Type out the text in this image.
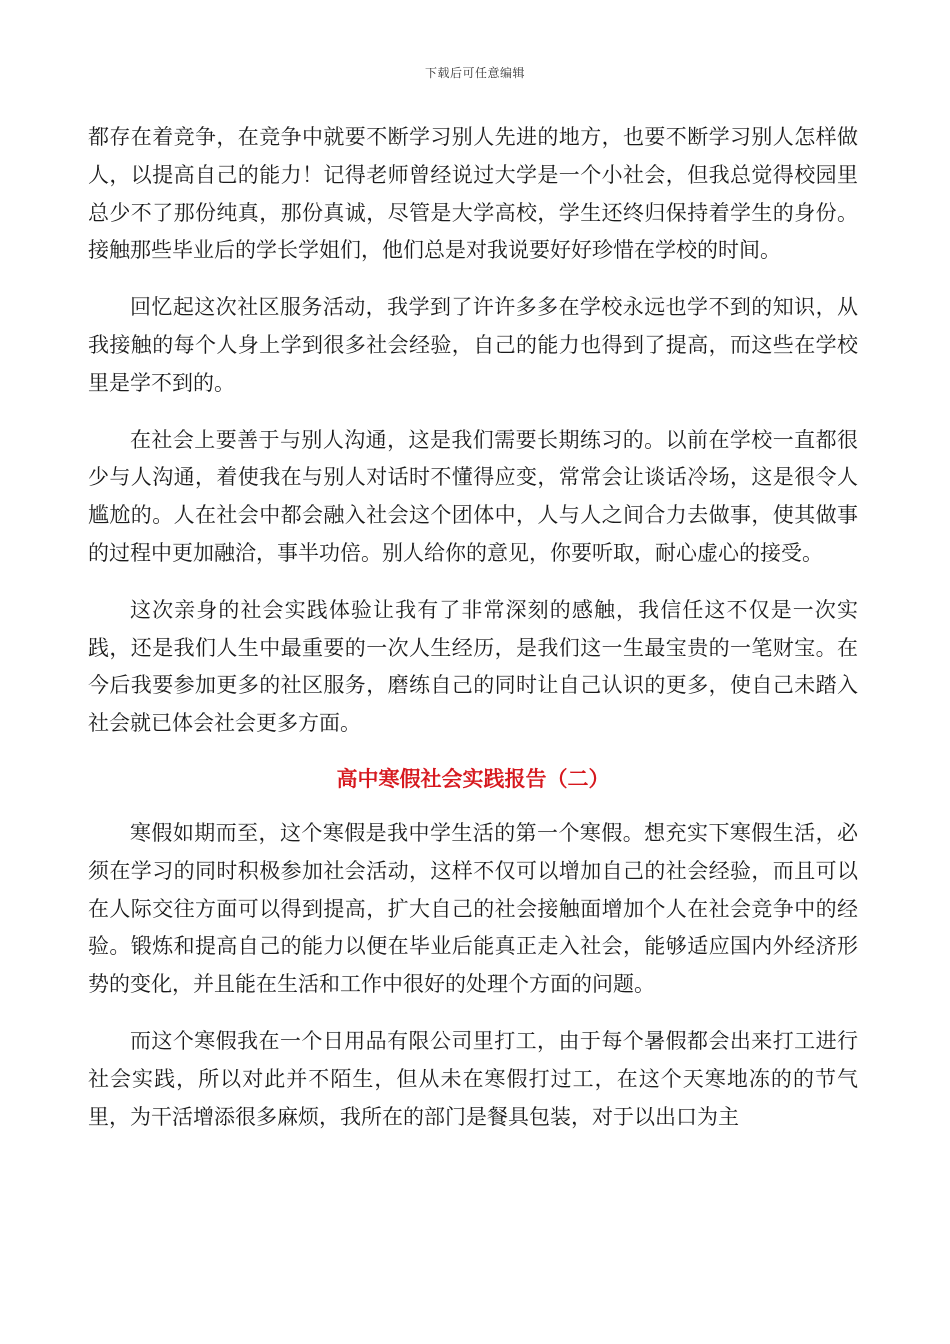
下载后可任意编辑

都存在着竞争，在竞争中就要不断学习别人先进的地方，也要不断学习别人怎样做人，以提高自己的能力！记得老师曾经说过大学是一个小社会，但我总觉得校园里总少不了那份纯真，那份真诚，尽管是大学高校，学生还终归保持着学生的身份。接触那些毕业后的学长学姐们，他们总是对我说要好好珍惜在学校的时间。

回忆起这次社区服务活动，我学到了许许多多在学校永远也学不到的知识，从我接触的每个人身上学到很多社会经验，自己的能力也得到了提高，而这些在学校里是学不到的。

在社会上要善于与别人沟通，这是我们需要长期练习的。以前在学校一直都很少与人沟通，着使我在与别人对话时不懂得应变，常常会让谈话冷场，这是很令人尴尬的。人在社会中都会融入社会这个团体中，人与人之间合力去做事，使其做事的过程中更加融洽，事半功倍。别人给你的意见，你要听取，耐心虚心的接受。

这次亲身的社会实践体验让我有了非常深刻的感触，我信任这不仅是一次实践，还是我们人生中最重要的一次人生经历，是我们这一生最宝贵的一笔财宝。在今后我要参加更多的社区服务，磨练自己的同时让自己认识的更多，使自己未踏入社会就已体会社会更多方面。

高中寒假社会实践报告（二）

寒假如期而至，这个寒假是我中学生活的第一个寒假。想充实下寒假生活，必须在学习的同时积极参加社会活动，这样不仅可以增加自己的社会经验，而且可以在人际交往方面可以得到提高，扩大自己的社会接触面增加个人在社会竞争中的经验。锻炼和提高自己的能力以便在毕业后能真正走入社会，能够适应国内外经济形势的变化，并且能在生活和工作中很好的处理个方面的问题。

而这个寒假我在一个日用品有限公司里打工，由于每个暑假都会出来打工进行社会实践，所以对此并不陌生，但从未在寒假打过工，在这个天寒地冻的的节气里，为干活增添很多麻烦，我所在的部门是餐具包装，对于以出口为主
